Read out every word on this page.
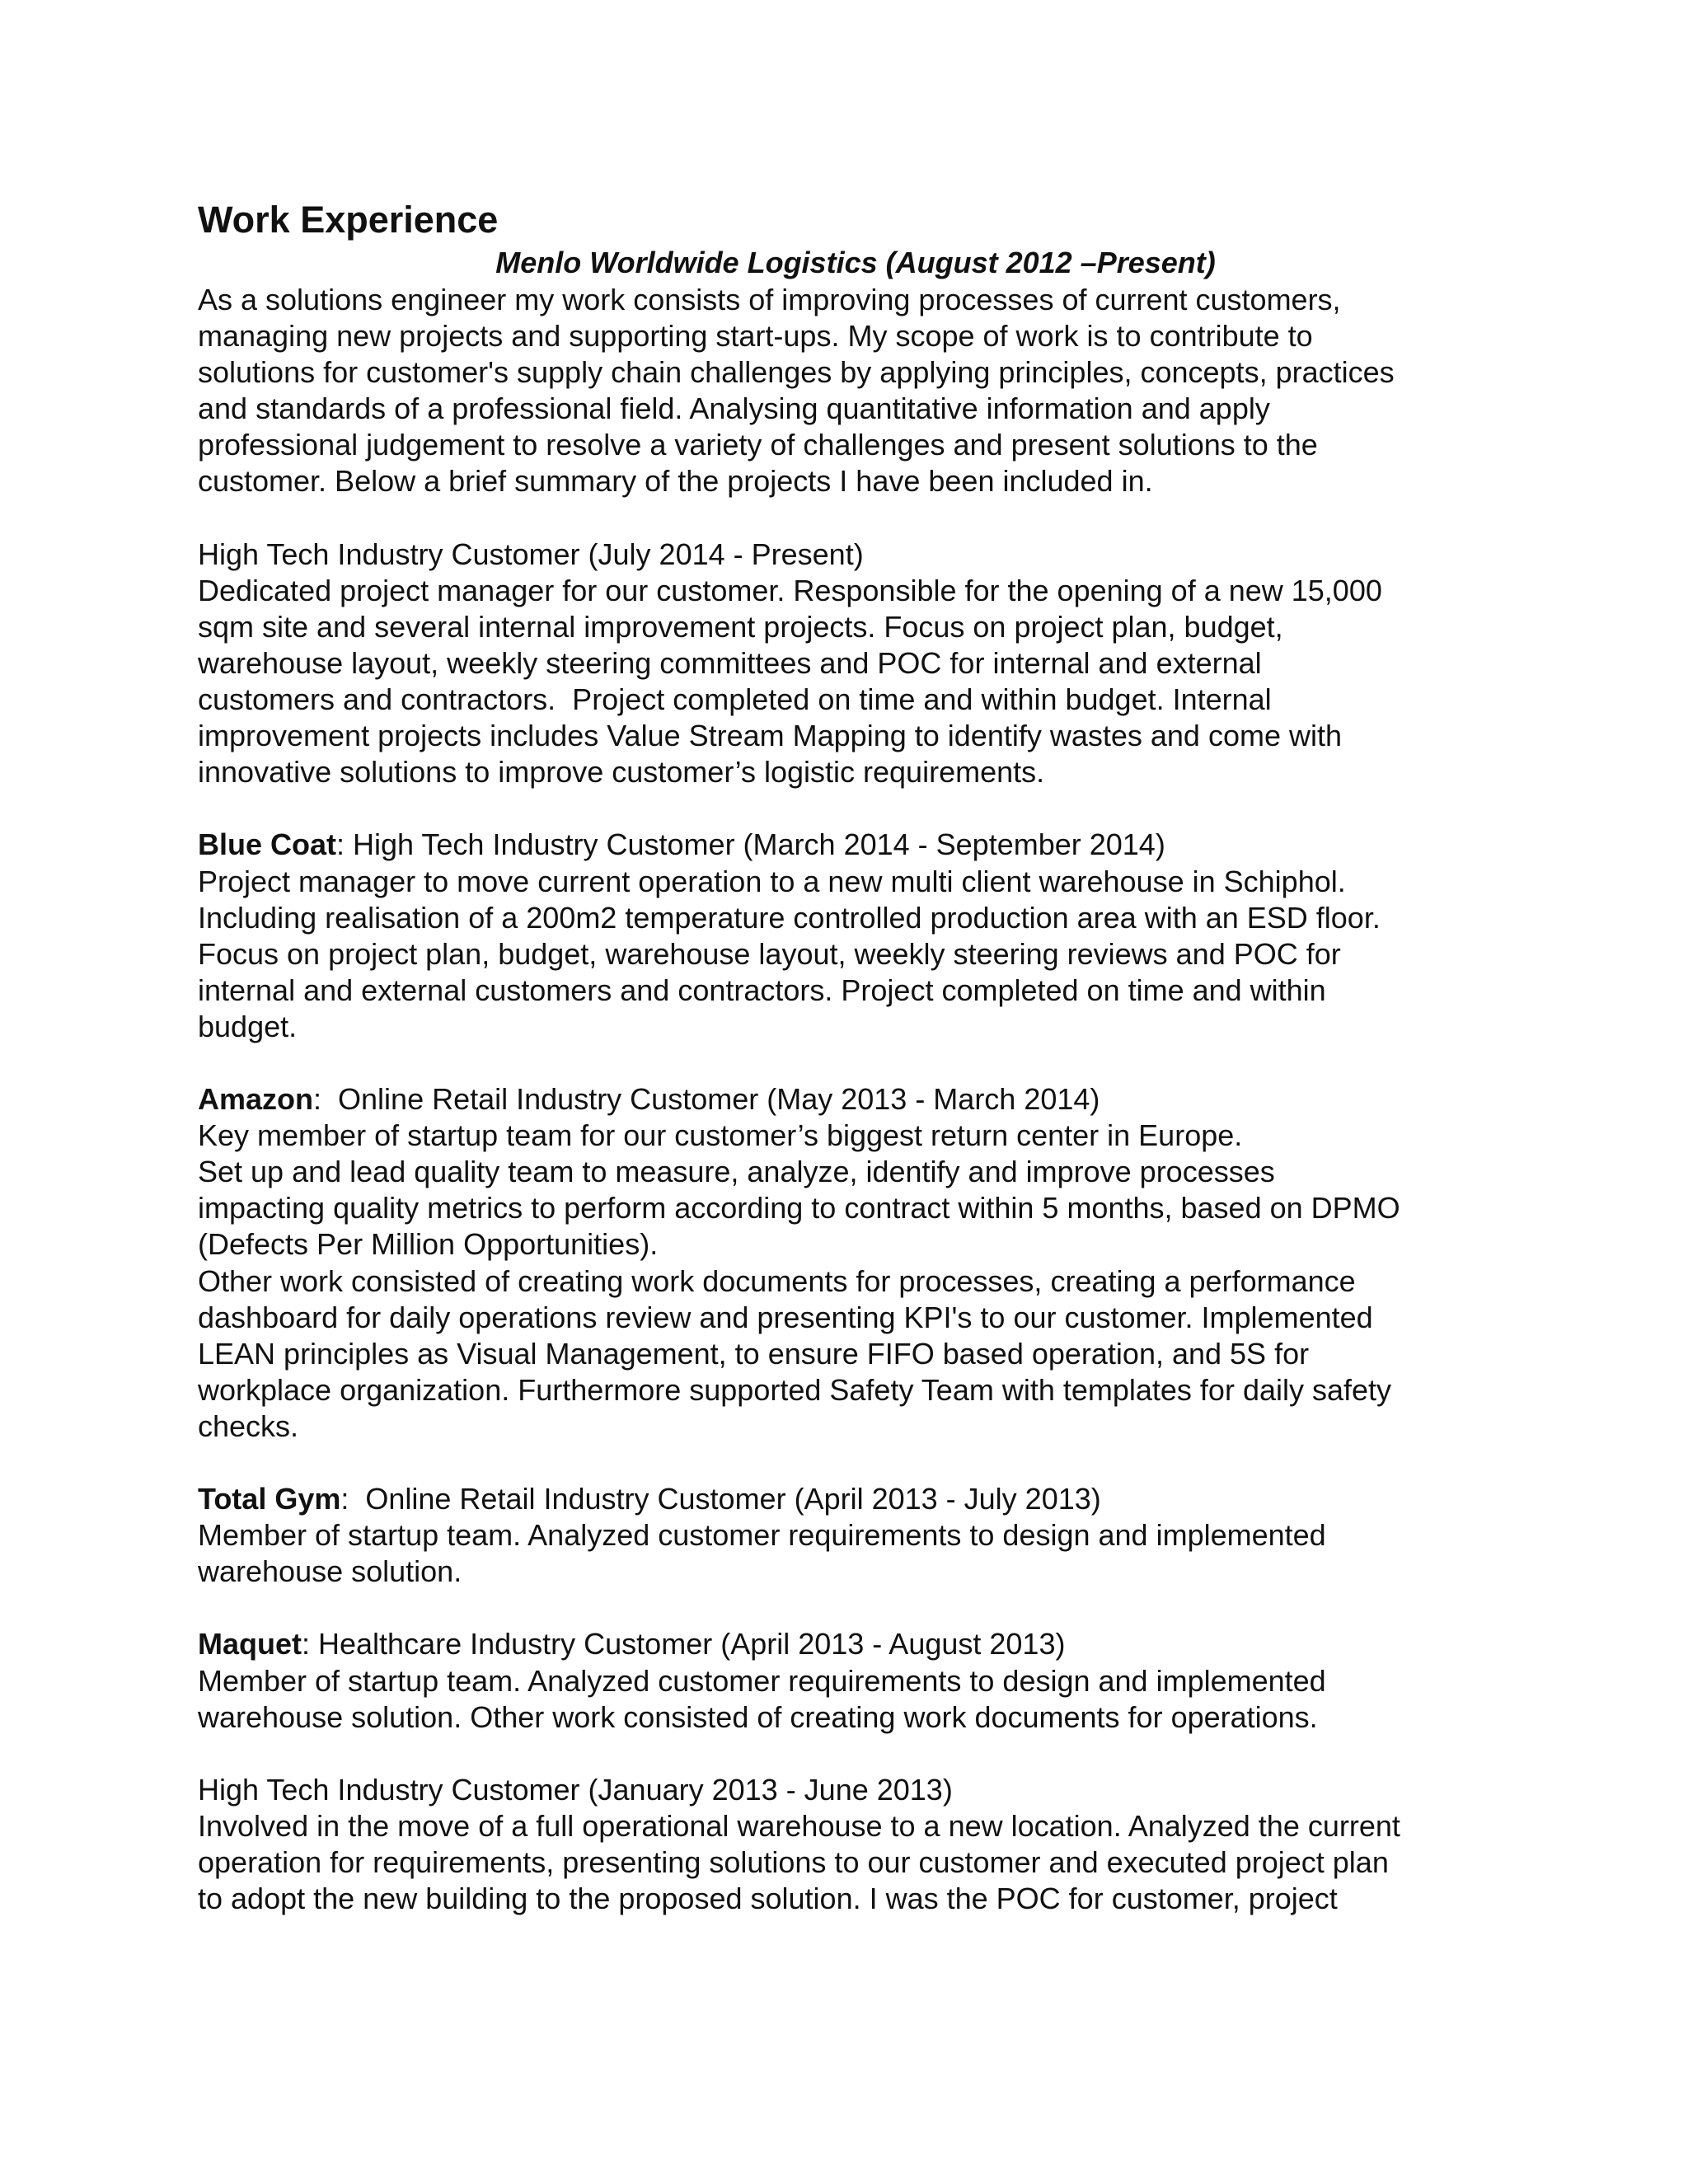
Work Experience
Menlo Worldwide Logistics (August 2012 –Present)
As a solutions engineer my work consists of improving processes of current customers,
managing new projects and supporting start-ups. My scope of work is to contribute to
solutions for customer's supply chain challenges by applying principles, concepts, practices
and standards of a professional field. Analysing quantitative information and apply
professional judgement to resolve a variety of challenges and present solutions to the
customer. Below a brief summary of the projects I have been included in.
High Tech Industry Customer (July 2014 - Present)
Dedicated project manager for our customer. Responsible for the opening of a new 15,000
sqm site and several internal improvement projects. Focus on project plan, budget,
warehouse layout, weekly steering committees and POC for internal and external
customers and contractors.  Project completed on time and within budget. Internal
improvement projects includes Value Stream Mapping to identify wastes and come with
innovative solutions to improve customer’s logistic requirements.
Blue Coat: High Tech Industry Customer (March 2014 - September 2014)
Project manager to move current operation to a new multi client warehouse in Schiphol.
Including realisation of a 200m2 temperature controlled production area with an ESD floor.
Focus on project plan, budget, warehouse layout, weekly steering reviews and POC for
internal and external customers and contractors. Project completed on time and within
budget.
Amazon:  Online Retail Industry Customer (May 2013 - March 2014)
Key member of startup team for our customer’s biggest return center in Europe.
Set up and lead quality team to measure, analyze, identify and improve processes
impacting quality metrics to perform according to contract within 5 months, based on DPMO
(Defects Per Million Opportunities).
Other work consisted of creating work documents for processes, creating a performance
dashboard for daily operations review and presenting KPI's to our customer. Implemented
LEAN principles as Visual Management, to ensure FIFO based operation, and 5S for
workplace organization. Furthermore supported Safety Team with templates for daily safety
checks.
Total Gym:  Online Retail Industry Customer (April 2013 - July 2013)
Member of startup team. Analyzed customer requirements to design and implemented
warehouse solution.
Maquet: Healthcare Industry Customer (April 2013 - August 2013)
Member of startup team. Analyzed customer requirements to design and implemented
warehouse solution. Other work consisted of creating work documents for operations.
High Tech Industry Customer (January 2013 - June 2013)
Involved in the move of a full operational warehouse to a new location. Analyzed the current
operation for requirements, presenting solutions to our customer and executed project plan
to adopt the new building to the proposed solution. I was the POC for customer, project
